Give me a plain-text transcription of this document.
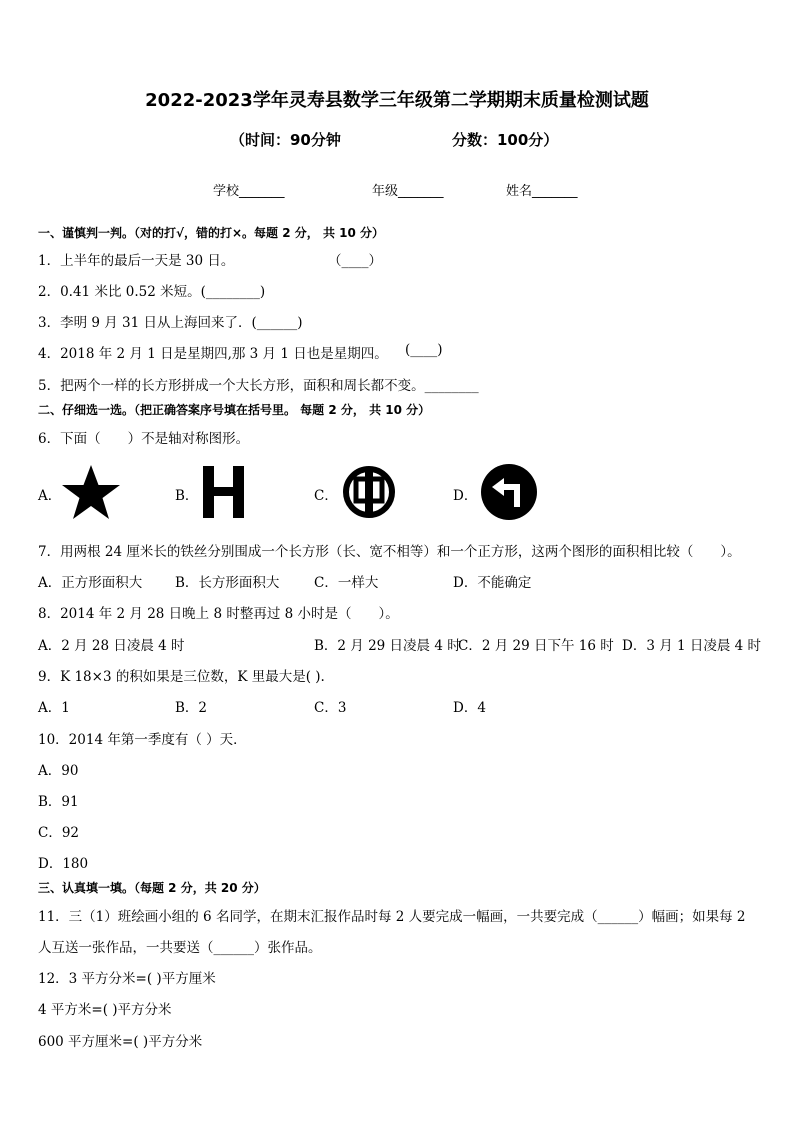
2022-2023学年灵寿县数学三年级第二学期期末质量检测试题
（时间：90分钟	分数：100分）
学校_______	年级_______	姓名_______
一、谨慎判一判。（对的打√，错的打×。每题 2 分， 共 10 分）
1．上半年的最后一天是 30 日。	（____）
2．0.41 米比 0.52 米短。(________)
3．李明 9 月 31 日从上海回来了．(______)
4．2018 年 2 月 1 日是星期四,那 3 月 1 日也是星期四。 (____)
5．把两个一样的长方形拼成一个大长方形，面积和周长都不变。________
二、仔细选一选。（把正确答案序号填在括号里。 每题 2 分， 共 10 分）
6．下面（　　）不是轴对称图形。
A．	B．	C．	D．
7．用两根 24 厘米长的铁丝分别围成一个长方形（长、宽不相等）和一个正方形，这两个图形的面积相比较（　　）。
A．正方形面积大 B．长方形面积大	C．一样大	D．不能确定
8．2014 年 2 月 28 日晚上 8 时整再过 8 小时是（　　）。
A．2 月 28 日凌晨 4 时	B．2 月 29 日凌晨 4 时
C．2 月 29 日下午 16 时 D．3 月 1 日凌晨 4 时
9．K 18×3 的积如果是三位数，K 里最大是( ).
A．1	B．2	C．3	D．4
10．2014 年第一季度有（ ）天．
A．90
B．91
C．92
D．180
三、认真填一填。（每题 2 分，共 20 分）
11．三（1）班绘画小组的 6 名同学，在期末汇报作品时每 2 人要完成一幅画，一共要完成（______）幅画；如果每 2
人互送一张作品，一共要送（______）张作品。
12．3 平方分米=( )平方厘米
4 平方米=( )平方分米
600 平方厘米=( )平方分米
